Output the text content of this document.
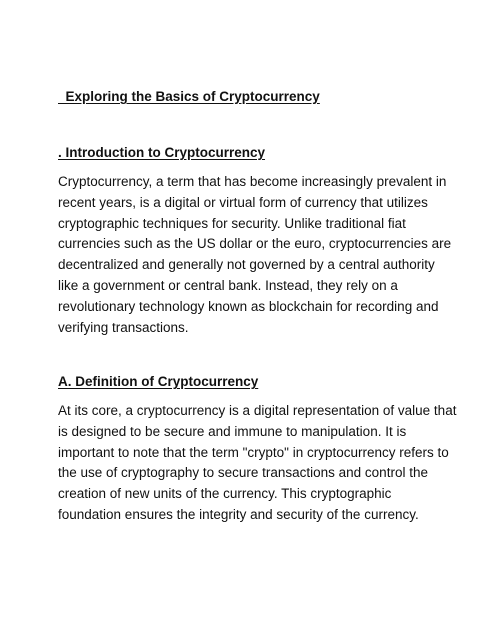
Exploring the Basics of Cryptocurrency
. Introduction to Cryptocurrency

Cryptocurrency, a term that has become increasingly prevalent in recent years, is a digital or virtual form of currency that utilizes cryptographic techniques for security. Unlike traditional fiat currencies such as the US dollar or the euro, cryptocurrencies are decentralized and generally not governed by a central authority like a government or central bank. Instead, they rely on a revolutionary technology known as blockchain for recording and verifying transactions.

A. Definition of Cryptocurrency

At its core, a cryptocurrency is a digital representation of value that is designed to be secure and immune to manipulation. It is important to note that the term "crypto" in cryptocurrency refers to the use of cryptography to secure transactions and control the creation of new units of the currency. This cryptographic foundation ensures the integrity and security of the currency.
